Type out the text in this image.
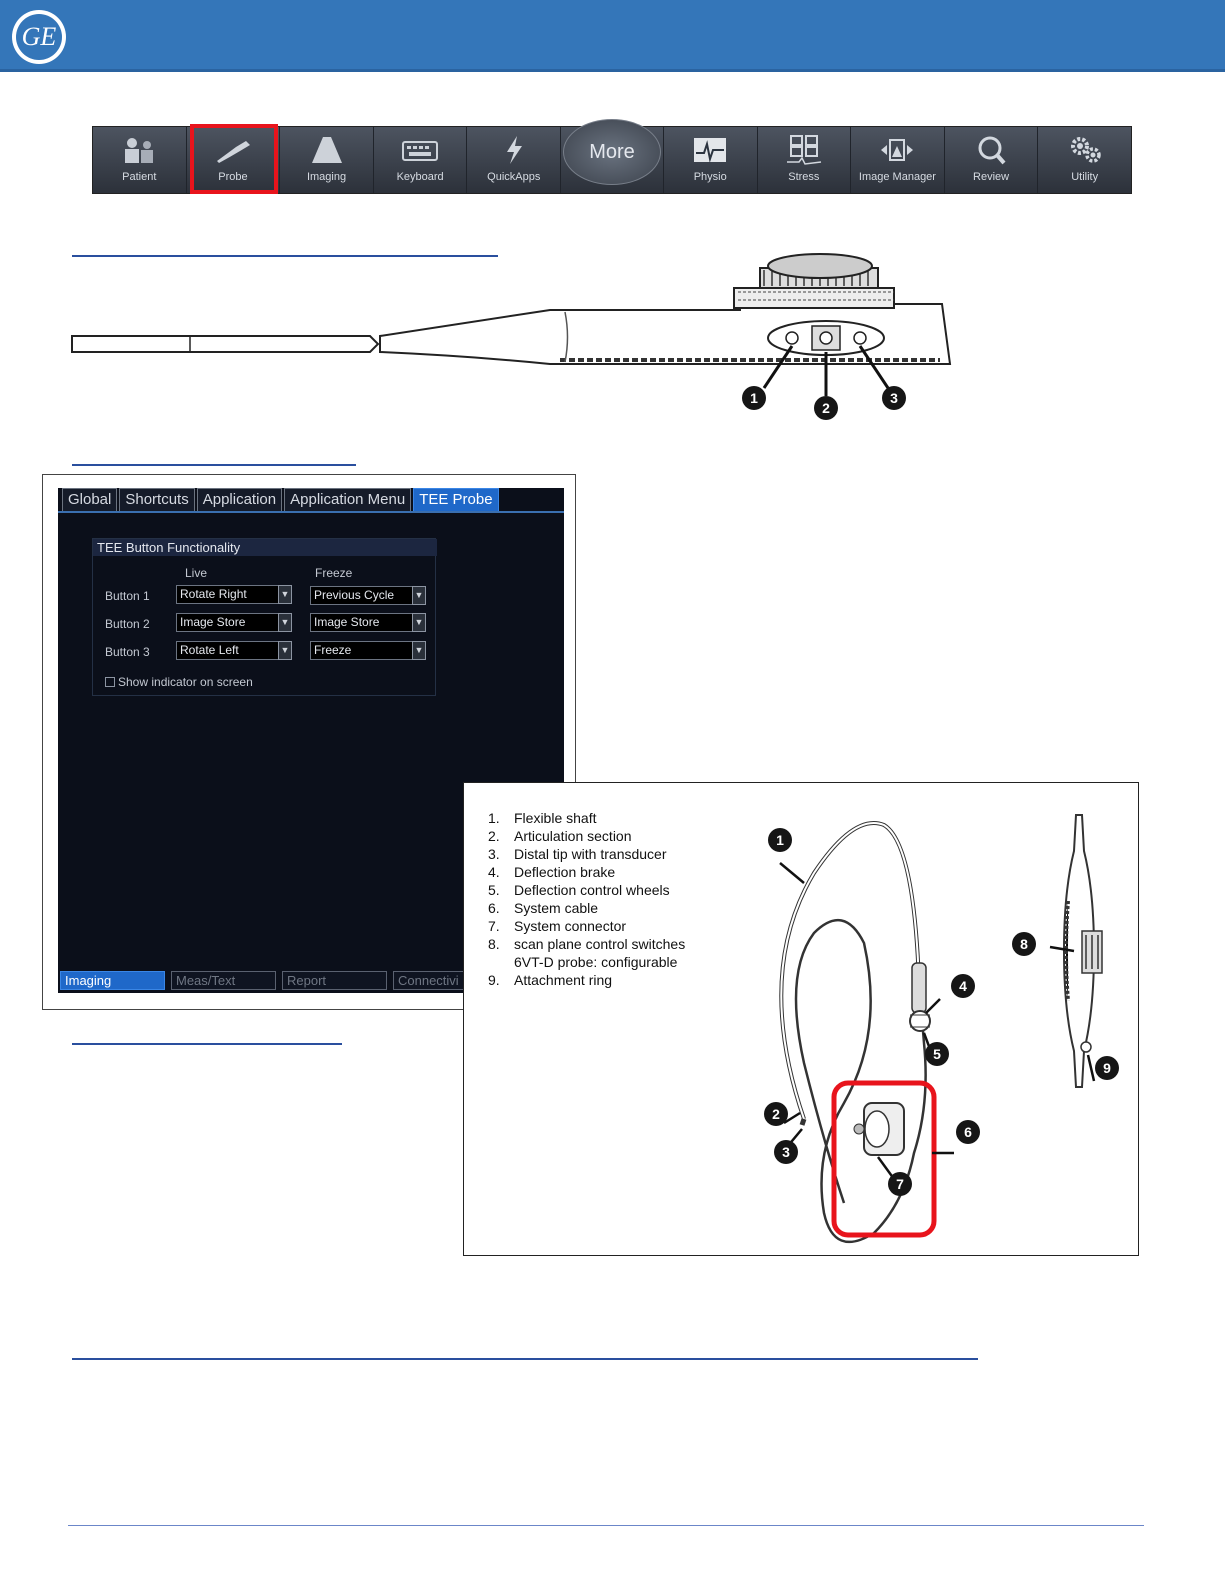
GE
Patient	Probe	Imaging	Keyboard	QuickApps
More
Physio	Stress	Image Manager	Review	Utility
1
2
3
Global Shortcuts Application Application Menu TEE Probe
TEE Button Functionality
Live	Freeze
Button 1	Rotate Right	▼	Previous Cycle ▼
Button 2	Image Store	▼	Image Store	▼
Button 3	Rotate Left	▼	Freeze	▼
Show indicator on screen
Imaging	Meas/Text	Report	Connectivi
1.	Flexible shaft
2.	Articulation section
3.	Distal tip with transducer
4.	Deflection brake
5.	Deflection control wheels
6.	System cable
7.	System connector
8.	scan plane control switches
6VT-D probe: configurable
9.	Attachment ring
1
4
5
2
3
6
7
8
9
